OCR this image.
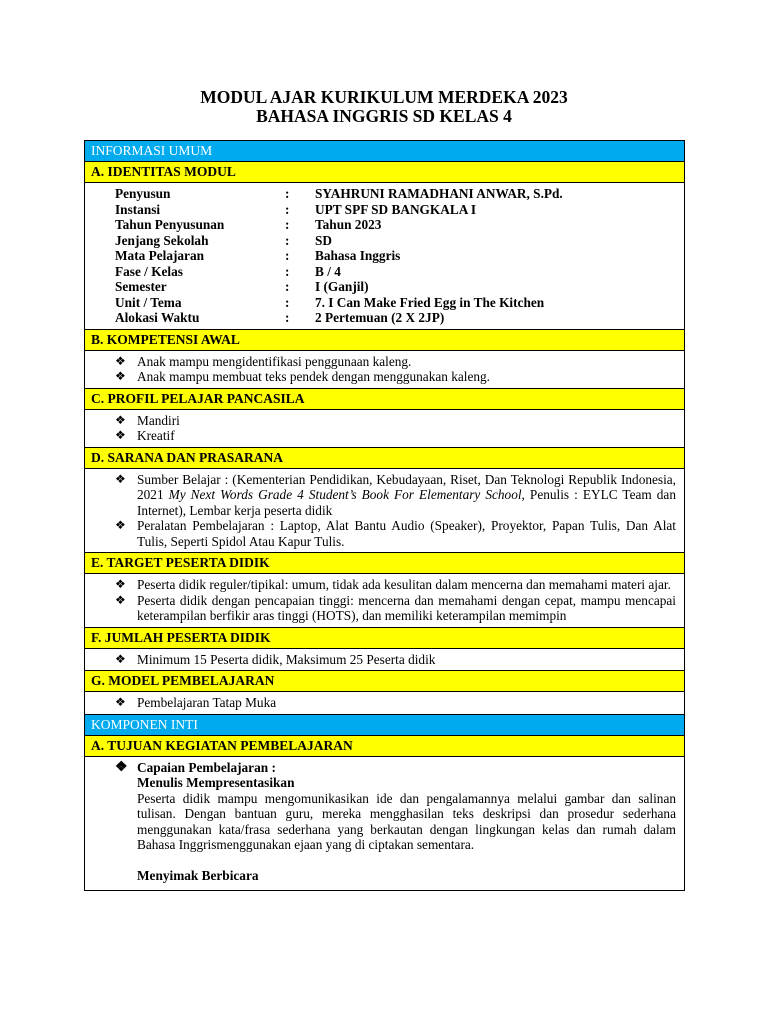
MODUL AJAR KURIKULUM MERDEKA 2023
BAHASA INGGRIS SD KELAS 4
INFORMASI UMUM
A. IDENTITAS MODUL
Penyusun	:	SYAHRUNI RAMADHANI ANWAR, S.Pd.
Instansi	:	UPT SPF SD BANGKALA I
Tahun Penyusunan	:	Tahun 2023
Jenjang Sekolah	:	SD
Mata Pelajaran	:	Bahasa Inggris
Fase / Kelas	:	B / 4
Semester	:	I (Ganjil)
Unit / Tema	:	7. I Can Make Fried Egg in The Kitchen
Alokasi Waktu	:	2 Pertemuan (2 X 2JP)
B. KOMPETENSI AWAL
❖ Anak mampu mengidentifikasi penggunaan kaleng.
❖ Anak mampu membuat teks pendek dengan menggunakan kaleng.
C. PROFIL PELAJAR PANCASILA
❖ Mandiri
❖ Kreatif
D. SARANA DAN PRASARANA
❖ Sumber Belajar : (Kementerian Pendidikan, Kebudayaan, Riset, Dan Teknologi Republik Indonesia, 2021 My Next Words Grade 4 Student’s Book For Elementary School, Penulis : EYLC Team dan Internet), Lembar kerja peserta didik
❖ Peralatan Pembelajaran : Laptop, Alat Bantu Audio (Speaker), Proyektor, Papan Tulis, Dan Alat Tulis, Seperti Spidol Atau Kapur Tulis.
E. TARGET PESERTA DIDIK
❖ Peserta didik reguler/tipikal: umum, tidak ada kesulitan dalam mencerna dan memahami materi ajar.
❖ Peserta didik dengan pencapaian tinggi: mencerna dan memahami dengan cepat, mampu mencapai keterampilan berfikir aras tinggi (HOTS), dan memiliki keterampilan memimpin
F. JUMLAH PESERTA DIDIK
❖ Minimum 15 Peserta didik, Maksimum 25 Peserta didik
G. MODEL PEMBELAJARAN
❖ Pembelajaran Tatap Muka
KOMPONEN INTI
A. TUJUAN KEGIATAN PEMBELAJARAN
❖ Capaian Pembelajaran :

Menulis Mempresentasikan

Peserta didik mampu mengomunikasikan ide dan pengalamannya melalui gambar dan salinan tulisan. Dengan bantuan guru, mereka mengghasilan teks deskripsi dan prosedur sederhana menggunakan kata/frasa sederhana yang berkautan dengan lingkungan kelas dan rumah dalam Bahasa Inggrismenggunakan ejaan yang di ciptakan sementara.

Menyimak Berbicara
